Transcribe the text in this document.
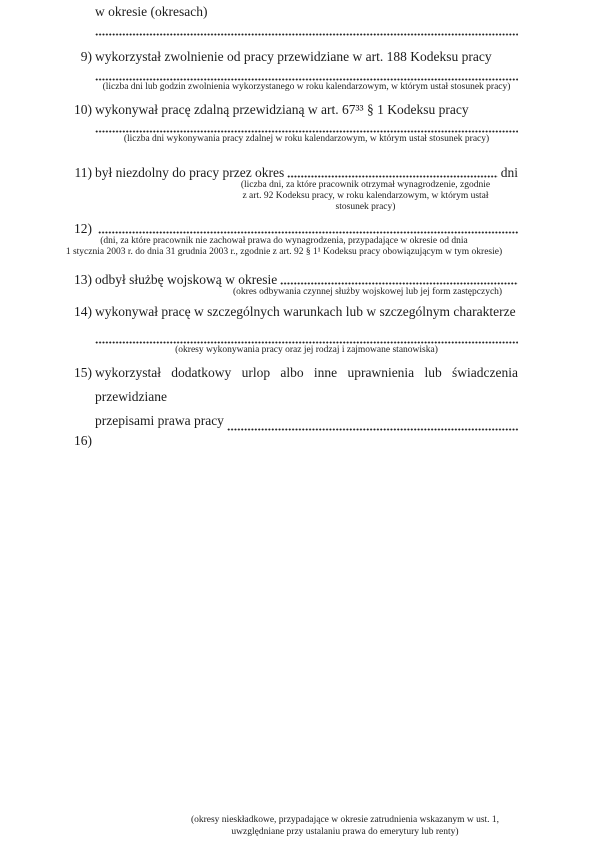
w okresie (okresach)
9) wykorzystał zwolnienie od pracy przewidziane w art. 188 Kodeksu pracy
(liczba dni lub godzin zwolnienia wykorzystanego w roku kalendarzowym, w którym ustał stosunek pracy)
10) wykonywał pracę zdalną przewidzianą w art. 67³³ § 1 Kodeksu pracy
(liczba dni wykonywania pracy zdalnej w roku kalendarzowym, w którym ustał stosunek pracy)
11) był niezdolny do pracy przez okres	dni
(liczba dni, za które pracownik otrzymał wynagrodzenie, zgodnie
z art. 92 Kodeksu pracy, w roku kalendarzowym, w którym ustał
stosunek pracy)
12)
(dni, za które pracownik nie zachował prawa do wynagrodzenia, przypadające w okresie od dnia
1 stycznia 2003 r. do dnia 31 grudnia 2003 r., zgodnie z art. 92 § 1¹ Kodeksu pracy obowiązującym w tym okresie)
13) odbył służbę wojskową w okresie
(okres odbywania czynnej służby wojskowej lub jej form zastępczych)
14) wykonywał pracę w szczególnych warunkach lub w szczególnym charakterze
(okresy wykonywania pracy oraz jej rodzaj i zajmowane stanowiska)
15) wykorzystał dodatkowy urlop albo inne uprawnienia lub świadczenia przewidziane
przepisami prawa pracy
16)
(okresy nieskładkowe, przypadające w okresie zatrudnienia wskazanym w ust. 1,
uwzględniane przy ustalaniu prawa do emerytury lub renty)
